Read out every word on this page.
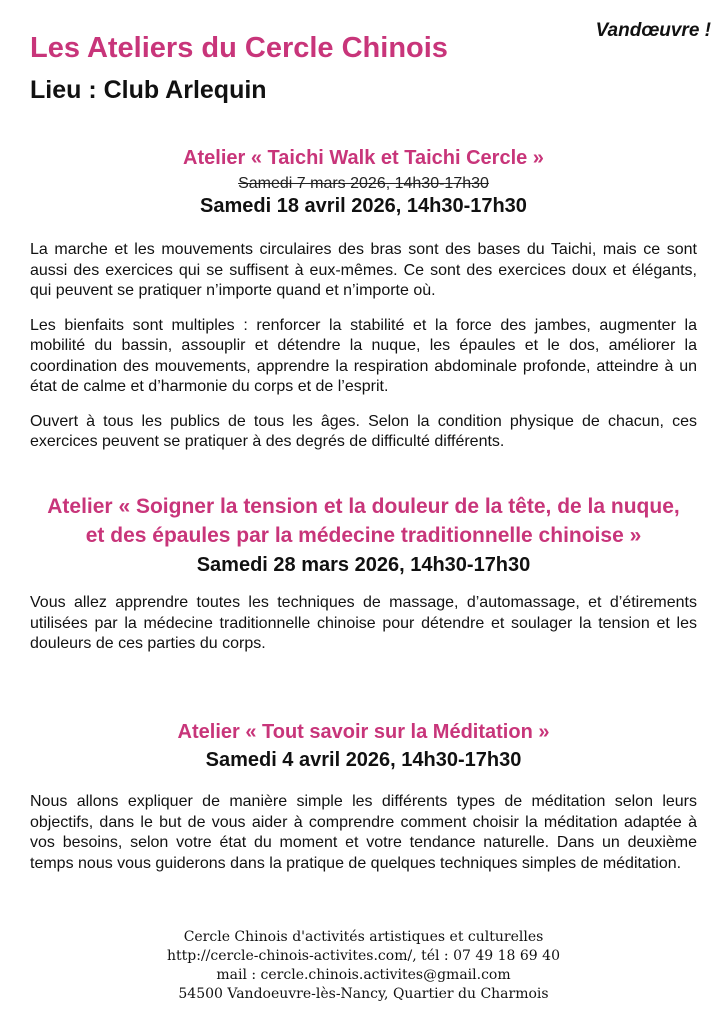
Vandœuvre !
Les Ateliers du Cercle Chinois
Lieu : Club Arlequin
Atelier « Taichi Walk et Taichi Cercle »
Samedi 7 mars 2026, 14h30-17h30
Samedi 18 avril 2026, 14h30-17h30

La marche et les mouvements circulaires des bras sont des bases du Taichi, mais ce sont aussi des exercices qui se suffisent à eux-mêmes. Ce sont des exercices doux et élégants, qui peuvent se pratiquer n’importe quand et n’importe où.

Les bienfaits sont multiples : renforcer la stabilité et la force des jambes, augmenter la mobilité du bassin, assouplir et détendre la nuque, les épaules et le dos, améliorer la coordination des mouvements, apprendre la respiration abdominale profonde, atteindre à un état de calme et d’harmonie du corps et de l’esprit.

Ouvert à tous les publics de tous les âges. Selon la condition physique de chacun, ces exercices peuvent se pratiquer à des degrés de difficulté différents.

Atelier « Soigner la tension et la douleur de la tête, de la nuque, et des épaules par la médecine traditionnelle chinoise »
Samedi 28 mars 2026, 14h30-17h30

Vous allez apprendre toutes les techniques de massage, d’automassage, et d’étirements utilisées par la médecine traditionnelle chinoise pour détendre et soulager la tension et les douleurs de ces parties du corps.

Atelier « Tout savoir sur la Méditation »
Samedi 4 avril 2026, 14h30-17h30

Nous allons expliquer de manière simple les différents types de méditation selon leurs objectifs, dans le but de vous aider à comprendre comment choisir la méditation adaptée à vos besoins, selon votre état du moment et votre tendance naturelle. Dans un deuxième temps nous vous guiderons dans la pratique de quelques techniques simples de méditation.

Cercle Chinois d'activités artistiques et culturelles
http://cercle-chinois-activites.com/, tél : 07 49 18 69 40
mail : cercle.chinois.activites@gmail.com
54500 Vandoeuvre-lès-Nancy, Quartier du Charmois
